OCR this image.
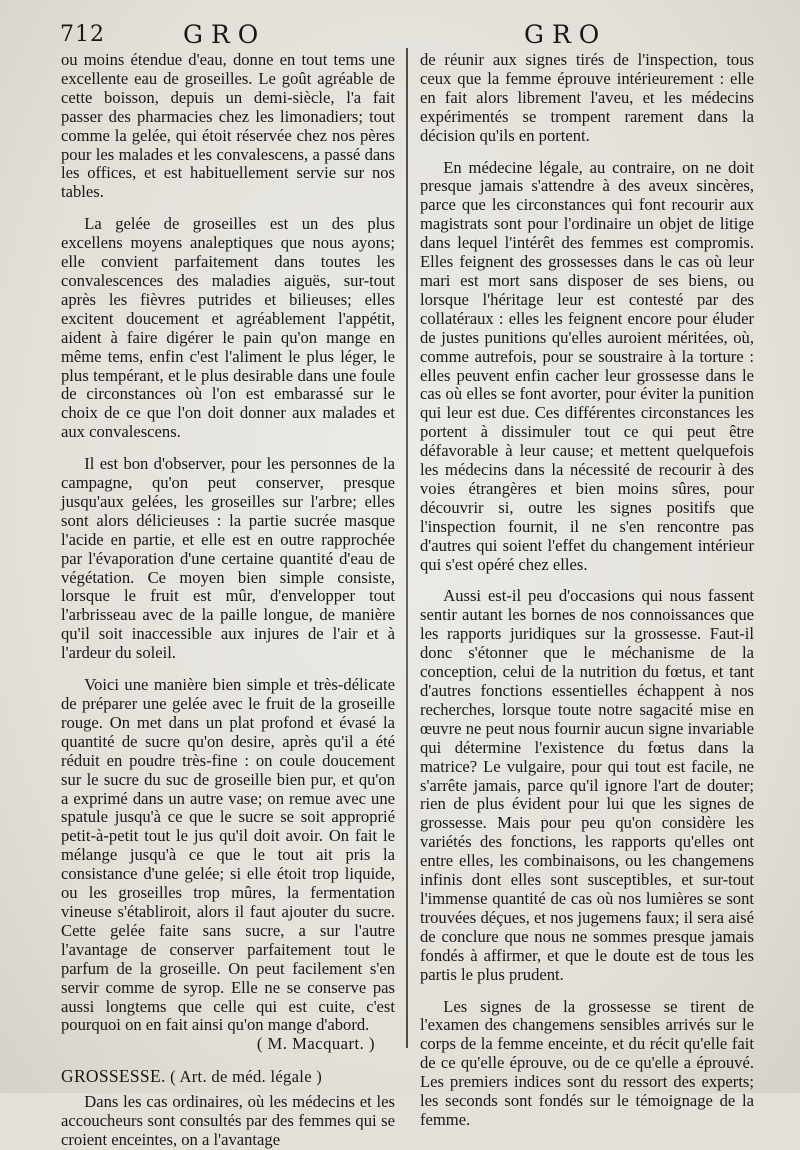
712	GRO	GRO

ou moins étendue d'eau, donne en tout tems une excellente eau de groseilles. Le goût agréable de cette boisson, depuis un demi-siècle, l'a fait passer des pharmacies chez les limonadiers; tout comme la gelée, qui étoit réservée chez nos pères pour les malades et les convalescens, a passé dans les offices, et est habituellement servie sur nos tables.

La gelée de groseilles est un des plus excellens moyens analeptiques que nous ayons; elle convient parfaitement dans toutes les convalescences des maladies aiguës, sur-tout après les fièvres putrides et bilieuses; elles excitent doucement et agréablement l'appétit, aident à faire digérer le pain qu'on mange en même tems, enfin c'est l'aliment le plus léger, le plus tempérant, et le plus desirable dans une foule de circonstances où l'on est embarassé sur le choix de ce que l'on doit donner aux malades et aux convalescens.

Il est bon d'observer, pour les personnes de la campagne, qu'on peut conserver, presque jusqu'aux gelées, les groseilles sur l'arbre; elles sont alors délicieuses : la partie sucrée masque l'acide en partie, et elle est en outre rapprochée par l'évaporation d'une certaine quantité d'eau de végétation. Ce moyen bien simple consiste, lorsque le fruit est mûr, d'envelopper tout l'arbrisseau avec de la paille longue, de manière qu'il soit inaccessible aux injures de l'air et à l'ardeur du soleil.

Voici une manière bien simple et très-délicate de préparer une gelée avec le fruit de la groseille rouge. On met dans un plat profond et évasé la quantité de sucre qu'on desire, après qu'il a été réduit en poudre très-fine : on coule doucement sur le sucre du suc de groseille bien pur, et qu'on a exprimé dans un autre vase; on remue avec une spatule jusqu'à ce que le sucre se soit approprié petit-à-petit tout le jus qu'il doit avoir. On fait le mélange jusqu'à ce que le tout ait pris la consistance d'une gelée; si elle étoit trop liquide, ou les groseilles trop mûres, la fermentation vineuse s'établiroit, alors il faut ajouter du sucre. Cette gelée faite sans sucre, a sur l'autre l'avantage de conserver parfaitement tout le parfum de la groseille. On peut facilement s'en servir comme de syrop. Elle ne se conserve pas aussi longtems que celle qui est cuite, c'est pourquoi on en fait ainsi qu'on mange d'abord.

( M. Macquart. )

GROSSESSE. ( Art. de méd. légale )

Dans les cas ordinaires, où les médecins et les accoucheurs sont consultés par des femmes qui se croient enceintes, on a l'avantage

de réunir aux signes tirés de l'inspection, tous ceux que la femme éprouve intérieurement : elle en fait alors librement l'aveu, et les médecins expérimentés se trompent rarement dans la décision qu'ils en portent.

En médecine légale, au contraire, on ne doit presque jamais s'attendre à des aveux sincères, parce que les circonstances qui font recourir aux magistrats sont pour l'ordinaire un objet de litige dans lequel l'intérêt des femmes est compromis. Elles feignent des grossesses dans le cas où leur mari est mort sans disposer de ses biens, ou lorsque l'héritage leur est contesté par des collatéraux : elles les feignent encore pour éluder de justes punitions qu'elles auroient méritées, où, comme autrefois, pour se soustraire à la torture : elles peuvent enfin cacher leur grossesse dans le cas où elles se font avorter, pour éviter la punition qui leur est due. Ces différentes circonstances les portent à dissimuler tout ce qui peut être défavorable à leur cause; et mettent quelquefois les médecins dans la nécessité de recourir à des voies étrangères et bien moins sûres, pour découvrir si, outre les signes positifs que l'inspection fournit, il ne s'en rencontre pas d'autres qui soient l'effet du changement intérieur qui s'est opéré chez elles.

Aussi est-il peu d'occasions qui nous fassent sentir autant les bornes de nos connoissances que les rapports juridiques sur la grossesse. Faut-il donc s'étonner que le méchanisme de la conception, celui de la nutrition du fœtus, et tant d'autres fonctions essentielles échappent à nos recherches, lorsque toute notre sagacité mise en œuvre ne peut nous fournir aucun signe invariable qui détermine l'existence du fœtus dans la matrice? Le vulgaire, pour qui tout est facile, ne s'arrête jamais, parce qu'il ignore l'art de douter; rien de plus évident pour lui que les signes de grossesse. Mais pour peu qu'on considère les variétés des fonctions, les rapports qu'elles ont entre elles, les combinaisons, ou les changemens infinis dont elles sont susceptibles, et sur-tout l'immense quantité de cas où nos lumières se sont trouvées déçues, et nos jugemens faux; il sera aisé de conclure que nous ne sommes presque jamais fondés à affirmer, et que le doute est de tous les partis le plus prudent.

Les signes de la grossesse se tirent de l'examen des changemens sensibles arrivés sur le corps de la femme enceinte, et du récit qu'elle fait de ce qu'elle éprouve, ou de ce qu'elle a éprouvé. Les premiers indices sont du ressort des experts; les seconds sont fondés sur le témoignage de la femme.
